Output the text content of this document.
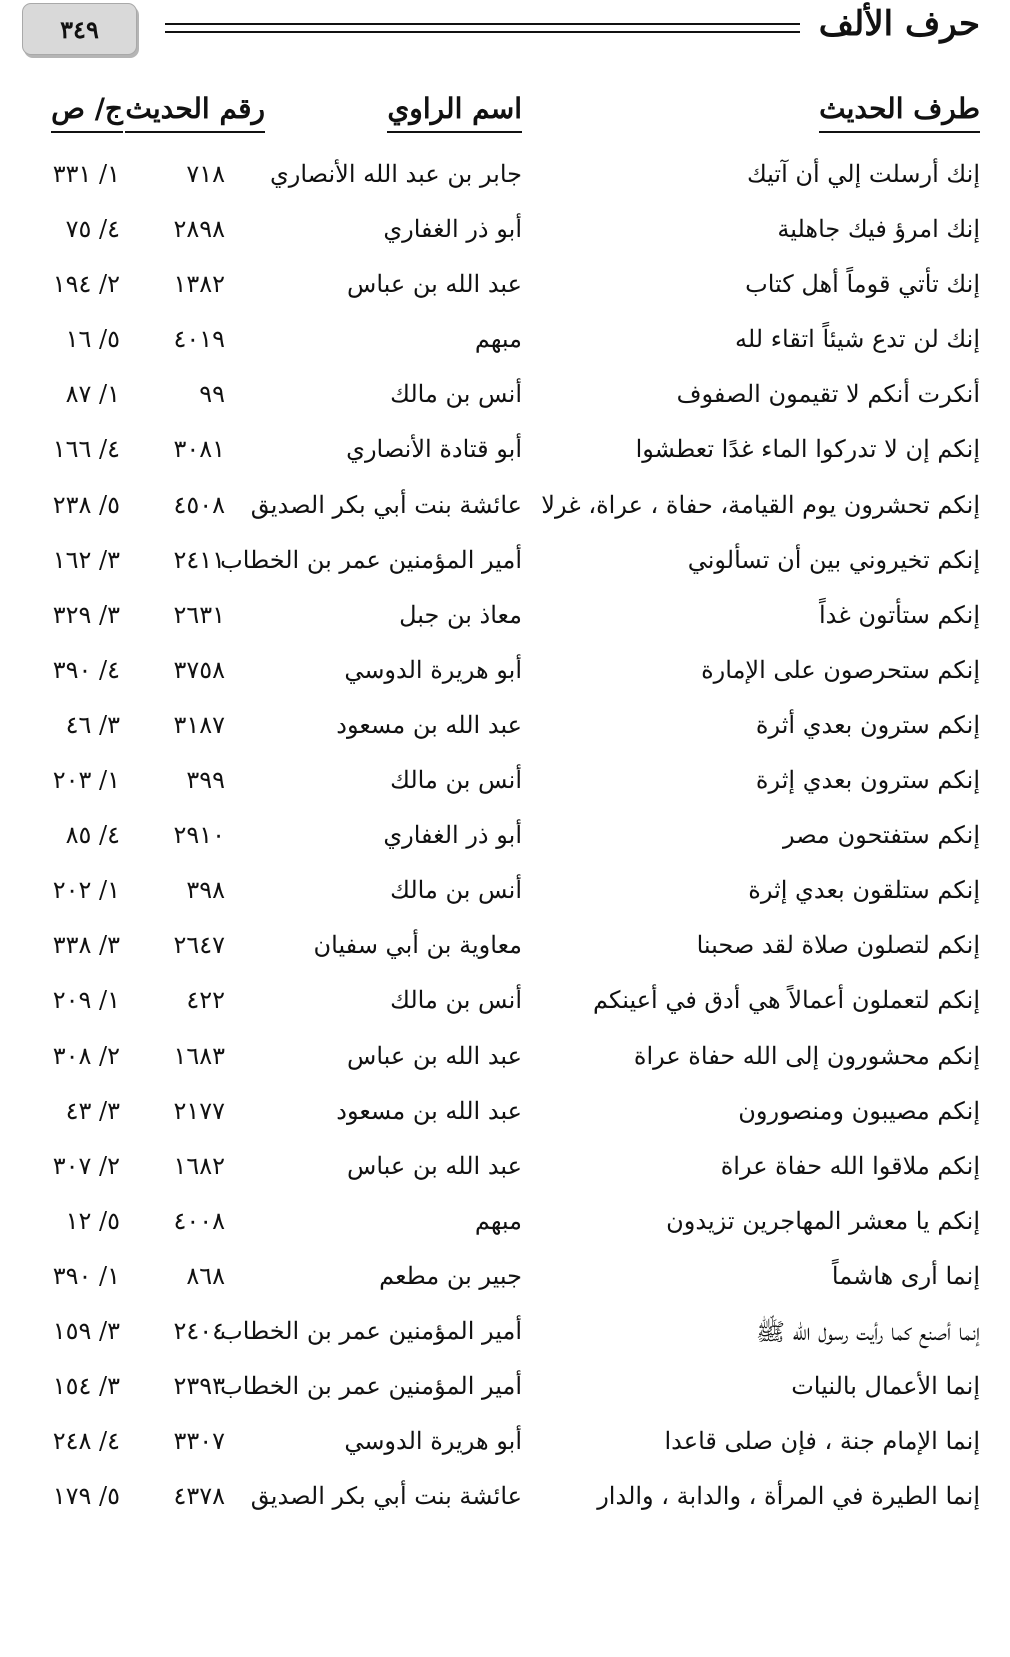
حرف الألف
٣٤٩
طرف الحديث
اسم الراوي
رقم الحديث
ج/ ص
إنك أرسلت إلي أن آتيك
جابر بن عبد الله الأنصاري
٧١٨
١/ ٣٣١
إنك امرؤ فيك جاهلية
أبو ذر الغفاري
٢٨٩٨
٤/ ٧٥
إنك تأتي قوماً أهل كتاب
عبد الله بن عباس
١٣٨٢
٢/ ١٩٤
إنك لن تدع شيئاً اتقاء لله
مبهم
٤٠١٩
٥/ ١٦
أنكرت أنكم لا تقيمون الصفوف
أنس بن مالك
٩٩
١/ ٨٧
إنكم إن لا تدركوا الماء غدًا تعطشوا
أبو قتادة الأنصاري
٣٠٨١
٤/ ١٦٦
إنكم تحشرون يوم القيامة، حفاة ، عراة، غرلا
عائشة بنت أبي بكر الصديق
٤٥٠٨
٥/ ٢٣٨
إنكم تخيروني بين أن تسألوني
أمير المؤمنين عمر بن الخطاب
٢٤١١
٣/ ١٦٢
إنكم ستأتون غداً
معاذ بن جبل
٢٦٣١
٣/ ٣٢٩
إنكم ستحرصون على الإمارة
أبو هريرة الدوسي
٣٧٥٨
٤/ ٣٩٠
إنكم سترون بعدي أثرة
عبد الله بن مسعود
٣١٨٧
٣/ ٤٦
إنكم سترون بعدي إثرة
أنس بن مالك
٣٩٩
١/ ٢٠٣
إنكم ستفتحون مصر
أبو ذر الغفاري
٢٩١٠
٤/ ٨٥
إنكم ستلقون بعدي إثرة
أنس بن مالك
٣٩٨
١/ ٢٠٢
إنكم لتصلون صلاة لقد صحبنا
معاوية بن أبي سفيان
٢٦٤٧
٣/ ٣٣٨
إنكم لتعملون أعمالاً هي أدق في أعينكم
أنس بن مالك
٤٢٢
١/ ٢٠٩
إنكم محشورون إلى الله حفاة عراة
عبد الله بن عباس
١٦٨٣
٢/ ٣٠٨
إنكم مصيبون ومنصورون
عبد الله بن مسعود
٢١٧٧
٣/ ٤٣
إنكم ملاقوا الله حفاة عراة
عبد الله بن عباس
١٦٨٢
٢/ ٣٠٧
إنكم يا معشر المهاجرين تزيدون
مبهم
٤٠٠٨
٥/ ١٢
إنما أرى هاشماً
جبير بن مطعم
٨٦٨
١/ ٣٩٠
إنما أصنع كما رأيت رسول الله ﷺ
أمير المؤمنين عمر بن الخطاب
٢٤٠٤
٣/ ١٥٩
إنما الأعمال بالنيات
أمير المؤمنين عمر بن الخطاب
٢٣٩٣
٣/ ١٥٤
إنما الإمام جنة ، فإن صلى قاعدا
أبو هريرة الدوسي
٣٣٠٧
٤/ ٢٤٨
إنما الطيرة في المرأة ، والدابة ، والدار
عائشة بنت أبي بكر الصديق
٤٣٧٨
٥/ ١٧٩
